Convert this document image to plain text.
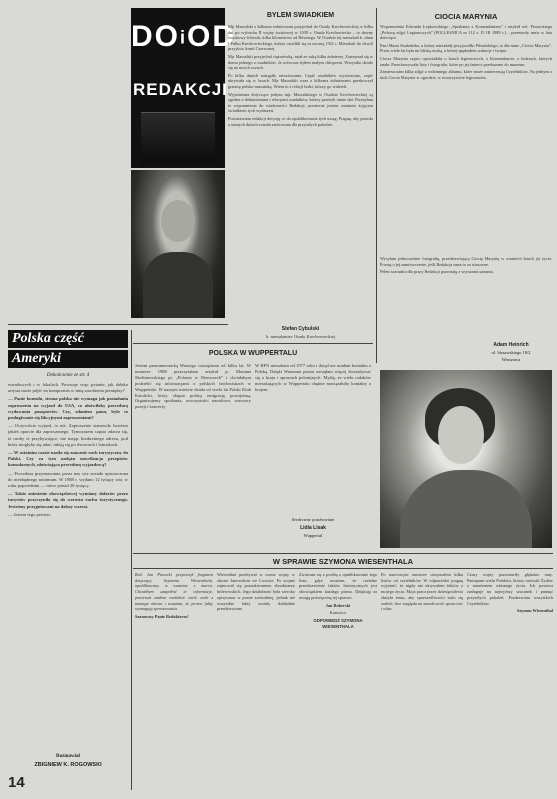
DOiOD
REDAKCJI
BYLEM SWIADKIEM

Mjr Massalski z kilkoma żołnierzami przyjechał do Osady Krechowieckiej w kilka dni po wybuchu II wojny światowej w 1939 r. Osada Krechowiecka – to dawny wojskowy folwark, kilka kilometrów od Równego. W Osadzie tej mieszkali b. ułani I Pułku Krechowieckiego, którzy osiedlili się tu wiosną 1921 r. Mieszkali do chwili przyjścia Armii Czerwonej.

Mjr Massalski przyjechał ciężarówką, miał ze sobą kilku żołnierzy. Zatrzymał się w domu jednego z osadników. Ja wówczas byłem małym chłopcem. Wszystko działo się na moich oczach.

Po kilku dniach nastąpiły aresztowania. Część osadników wywieziono, część ukrywała się w lasach. Mjr Massalski wraz z kilkoma żołnierzami przekroczył granicę polsko-rumuńską. Wiem to z relacji ludzi, którzy go widzieli.

Wyjaśnienia dotyczące pobytu mjr. Massalskiego w Osadzie Krechowieckiej są zgodne z dokumentami i relacjami osadników, którzy przeżyli tamte dni. Przesyłam te wspomnienia do wiadomości Redakcji, ponieważ jestem ostatnim żyjącym świadkiem tych wydarzeń.

Pozostawiam redakcji decyzję co do opublikowania tych uwag. Pragnę, aby prawda o tamtych dniach została zachowana dla przyszłych pokoleń.

Stefan Cybulski
b. mieszkaniec Osady Krechowieckiej
CIOCIA MARYNIA

Wspomnienia Edwarda Łepkowskiego „Spotkania z Komendantem” i artykuł red. Piwnickiego „Połowę zdjęć Legionowych” (POLLESNICA nr 112 z 15 III 1989 r.) – przeniosły mnie w lata dziecięce.

Pani Marta Studzińska, u której mieszkały przyjaciółki Piłsudskiego, to dla mnie „Ciocia Marynia”. Przez wiele lat była mi bliską osobą, u której spędzałem wakacje i święta.

Ciocia Marynia często opowiadała o latach legionowych, o Komendancie, o ludziach, których znała. Przechowywała listy i fotografie, które po jej śmierci przekazano do muzeum.

Zamieszczam kilka zdjęć z rodzinnego albumu, które może zainteresują Czytelników. Na jednym z nich Ciocia Marynia w ogrodzie, w towarzystwie legionistów.

Wysyłam jednocześnie fotografię, przedstawiającą Ciocię Marynię w ostatnich latach jej życia. Proszę o jej zamieszczenie, jeśli Redakcja uzna to za stosowne.

Pełen szacunku dla pracy Redakcji pozostaję z wyrazami uznania.

Adam Heinrich
ul. Strzawskiego 18/2
Warszawa
Polska część
Ameryki
Dokończenie ze str. 4

estradowych i w lokalach. Powstaje więc pytanie, jak daleko artysta może pójść na kompromis w imię zarobienia pieniędzy?

— Panie konsulu, strona polska nie wymaga jak posiadania zaproszenia na wyjazd do USA, co ułatwiłoby procedurę wydawania paszportów. Czy, zdaniem pana, było to posługiwanie się fikcyjnymi zaproszeniami?

— Oczywiście wyjazd, to nie. Zaproszenie stanowiło bowiem jakieś oparcie dla zaproszonego. Tymczasem często zdarza się, iż osoby te przybywające, nie mając konkretnego adresu, pod który mogłyby się udać, tułają się po dworcach i lotniskach.

— W ostatnim czasie nasila się znacznie ruch turystyczny do Polski. Czy za tym nadąża nowelizacja przepisów konsularnych, ułatwiająca procedurę wyjazdową?

— Procedura przyznawania przez nas wiz została uproszczona do niezbędnego minimum. W 1988 r. wydano 12 tysięcy wiz, w roku poprzednim — nieco ponad 20 tysięcy.

— Także zniesienie obowiązkowej wymiany dolarów przez turystów przyczyniło się do wzrostu ruchu turystycznego. Jesteśmy przygotowani na dalszy wzrost.

— Jestem tego pewien.

Rozmawiał
ZBIGNIEW K. ROGOWSKI
14
POLSKA W WUPPERTALU
Jestem prenumeratorką Waszego czasopisma od kilku lat. W numerze 1988 przeczytałam artykuł p. Mariana Skolimowskiego pt. „Polonia w Niemczech” i chciałabym podzielić się informacjami o polskich środowiskach w Wuppertalu. W naszym mieście działa od wielu lat Polski Klub Katolicki, który skupia polską emigrację powojenną. Organizujemy spotkania, uroczystości narodowe, wieczory poezji i koncerty.
W RFN mieszkam od 1977 roku i dotąd nie miałam kontaktu z Polską. Dzięki Waszemu pismu zaczęłam więcej dowiadywać się o kraju i sprawach polonijnych. Myślę, że wielu rodaków mieszkających w Wuppertalu chętnie nawiązałoby kontakty z krajem.
Serdecznie pozdrawiam
Lidia Lisak
Wuppertal
W SPRAWIE SZYMONA WIESENTHALA

Red. Jan Piasecki przytoczył fragment dotyczący Szymona Wiesenthala, opublikowany w numerze z marca. Chciałbym uzupełnić te informacje, ponieważ znałem osobiście wiele osób z tamtego okresu i uważam, że pewne fakty wymagają sprostowania.

Szanowny Panie Redaktorze!

Wiesenthal przebywał w czasie wojny w obozie Janowskim we Lwowie. Po wojnie zajmował się poszukiwaniem zbrodniarzy hitlerowskich. Jego działalność była szeroko opisywana w prasie zachodniej, jednak nie wszystkie fakty zostały dokładnie przedstawione.

Zwracam się z prośbą o opublikowanie tego listu, gdyż uważam, że rzetelne przedstawienie faktów historycznych jest obowiązkiem każdego pisma. Dziękuję za uwagę poświęconą tej sprawie.

Jan Roberski

Katowice

ODPOWIEDŹ SZYMONA WIESENTHALA

Po marcowym numerze otrzymałem kilka listów od czytelników. W odpowiedzi pragnę wyjaśnić, że nigdy nie ukrywałem faktów z mojego życia. Moja praca przez dziesięciolecia służyła temu, aby sprawiedliwości stało się zadość, bez względu na narodowość sprawców i ofiar.

Czasy wojny pozostawiły głębokie rany. Pamiętam wielu Polaków, którzy ratowali Żydów z narażeniem własnego życia. Ich postawa zasługuje na najwyższy szacunek i pamięć przyszłych pokoleń. Pozdrawiam wszystkich Czytelników.

Szymon Wiesenthal
